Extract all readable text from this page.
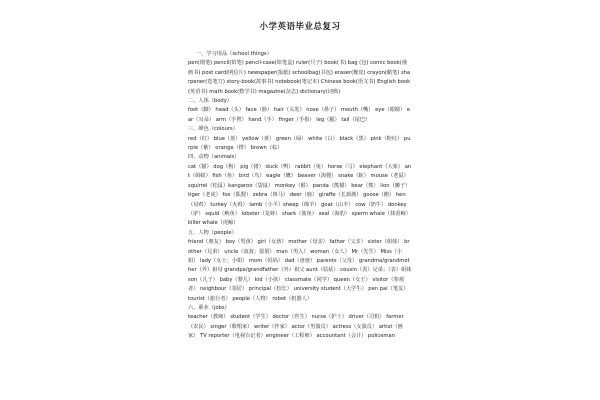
小学英语毕业总复习
一、学习用品（school things）
pen(钢笔) pencil(铅笔) pencil-case(铅笔盒) ruler(尺子) book(书) bag (包) comic book(漫画书) post card(明信片) newspaper(报纸) schoolbag(书包) eraser(橡皮) crayon(蜡笔) sharpener(卷笔刀) story-book(故事书) notebook(笔记本) Chinese book(语文书) English book(英语书) math book(数学书) magazine(杂志) dictionary(词典)
二、人体（body）
foot（脚） head（头） face（脸） hair（头发） nose（鼻子） mouth（嘴） eye（眼睛） ear（耳朵） arm（手臂） hand（手） finger（手指） leg（腿） tail（尾巴）
三、颜色（colours）
red（红） blue（蓝） yellow（黄） green（绿） white（白） black（黑） pink（粉红） purple（紫） orange（橙） brown（棕）
四、动物（animals）
cat（猫） dog（狗） pig（猪） duck（鸭） rabbit（兔） horse（马） elephant（大象） ant（蚂蚁） fish（鱼） bird（鸟） eagle（鹰） beaver（海狸） snake（蛇） mouse（老鼠） squirrel（松鼠）kangaroo（袋鼠） monkey（猴） panda（熊猫） bear（熊） lion（狮子） tiger（老虎） fox（狐狸） zebra（斑马） deer（鹿） giraffe（长颈鹿） goose（鹅） hen（母鸡） turkey（火鸡） lamb（小羊）sheep（绵羊） goat（山羊） cow（奶牛） donkey（驴） squid（鱿鱼） lobster（龙虾） shark（鲨鱼） seal（海豹） sperm whale（抹香鲸） killer whale（虎鲸）
五、人物（people）
friend（朋友） boy（男孩） girl（女孩） mother（母亲） father（父亲） sister（姐妹） brother（兄弟） uncle（叔叔；舅舅） man（男人） woman（女人） Mr（先生） Miss（小姐） lady（女士；小姐） mom（妈妈） dad（爸爸） parents（父母） grandma/grandmother（外）祖母 grandpa/grandfather（外）祖父 aunt（姑姑） cousin（表）兄弟；（表）姐妹 son（儿子） baby（婴儿） kid（小孩） classmate（同学） queen（女王） visitor（参观者） neighbour（邻居） principal（校长） university student（大学生） pen pal（笔友） tourist（旅行者） people（人物） robot（机器人）
六、职业（jobs）
teacher（教师） student（学生） doctor（医生） nurse（护士） driver（司机） farmer（农民） singer（歌唱家） writer（作家） actor（男演员） actress（女演员） artist（画家） TV reporter（电视台记者）engineer（工程师） accountant（会计） policeman
